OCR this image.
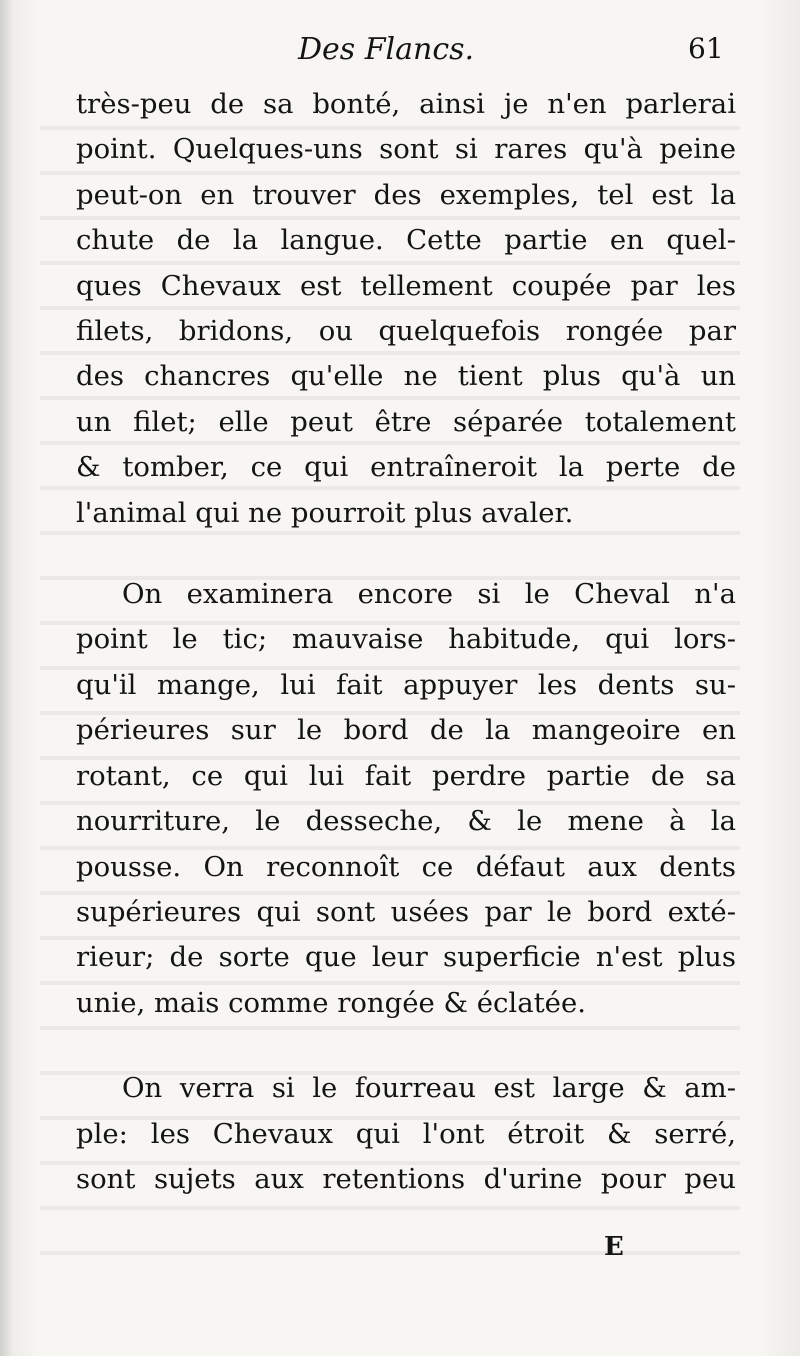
Des Flancs.	61

très-peu de sa bonté, ainsi je n'en parlerai
point. Quelques-uns sont si rares qu'à peine
peut-on en trouver des exemples, tel est la
chute de la langue. Cette partie en quel-
ques Chevaux est tellement coupée par les
filets, bridons, ou quelquefois rongée par
des chancres qu'elle ne tient plus qu'à un
un filet; elle peut être séparée totalement
& tomber, ce qui entraîneroit la perte de
l'animal qui ne pourroit plus avaler.

On examinera encore si le Cheval n'a
point le tic; mauvaise habitude, qui lors-
qu'il mange, lui fait appuyer les dents su-
périeures sur le bord de la mangeoire en
rotant, ce qui lui fait perdre partie de sa
nourriture, le desseche, & le mene à la
pousse. On reconnoît ce défaut aux dents
supérieures qui sont usées par le bord exté-
rieur; de sorte que leur superficie n'est plus
unie, mais comme rongée & éclatée.

On verra si le fourreau est large & am-
ple: les Chevaux qui l'ont étroit & serré,
sont sujets aux retentions d'urine pour peu

E
